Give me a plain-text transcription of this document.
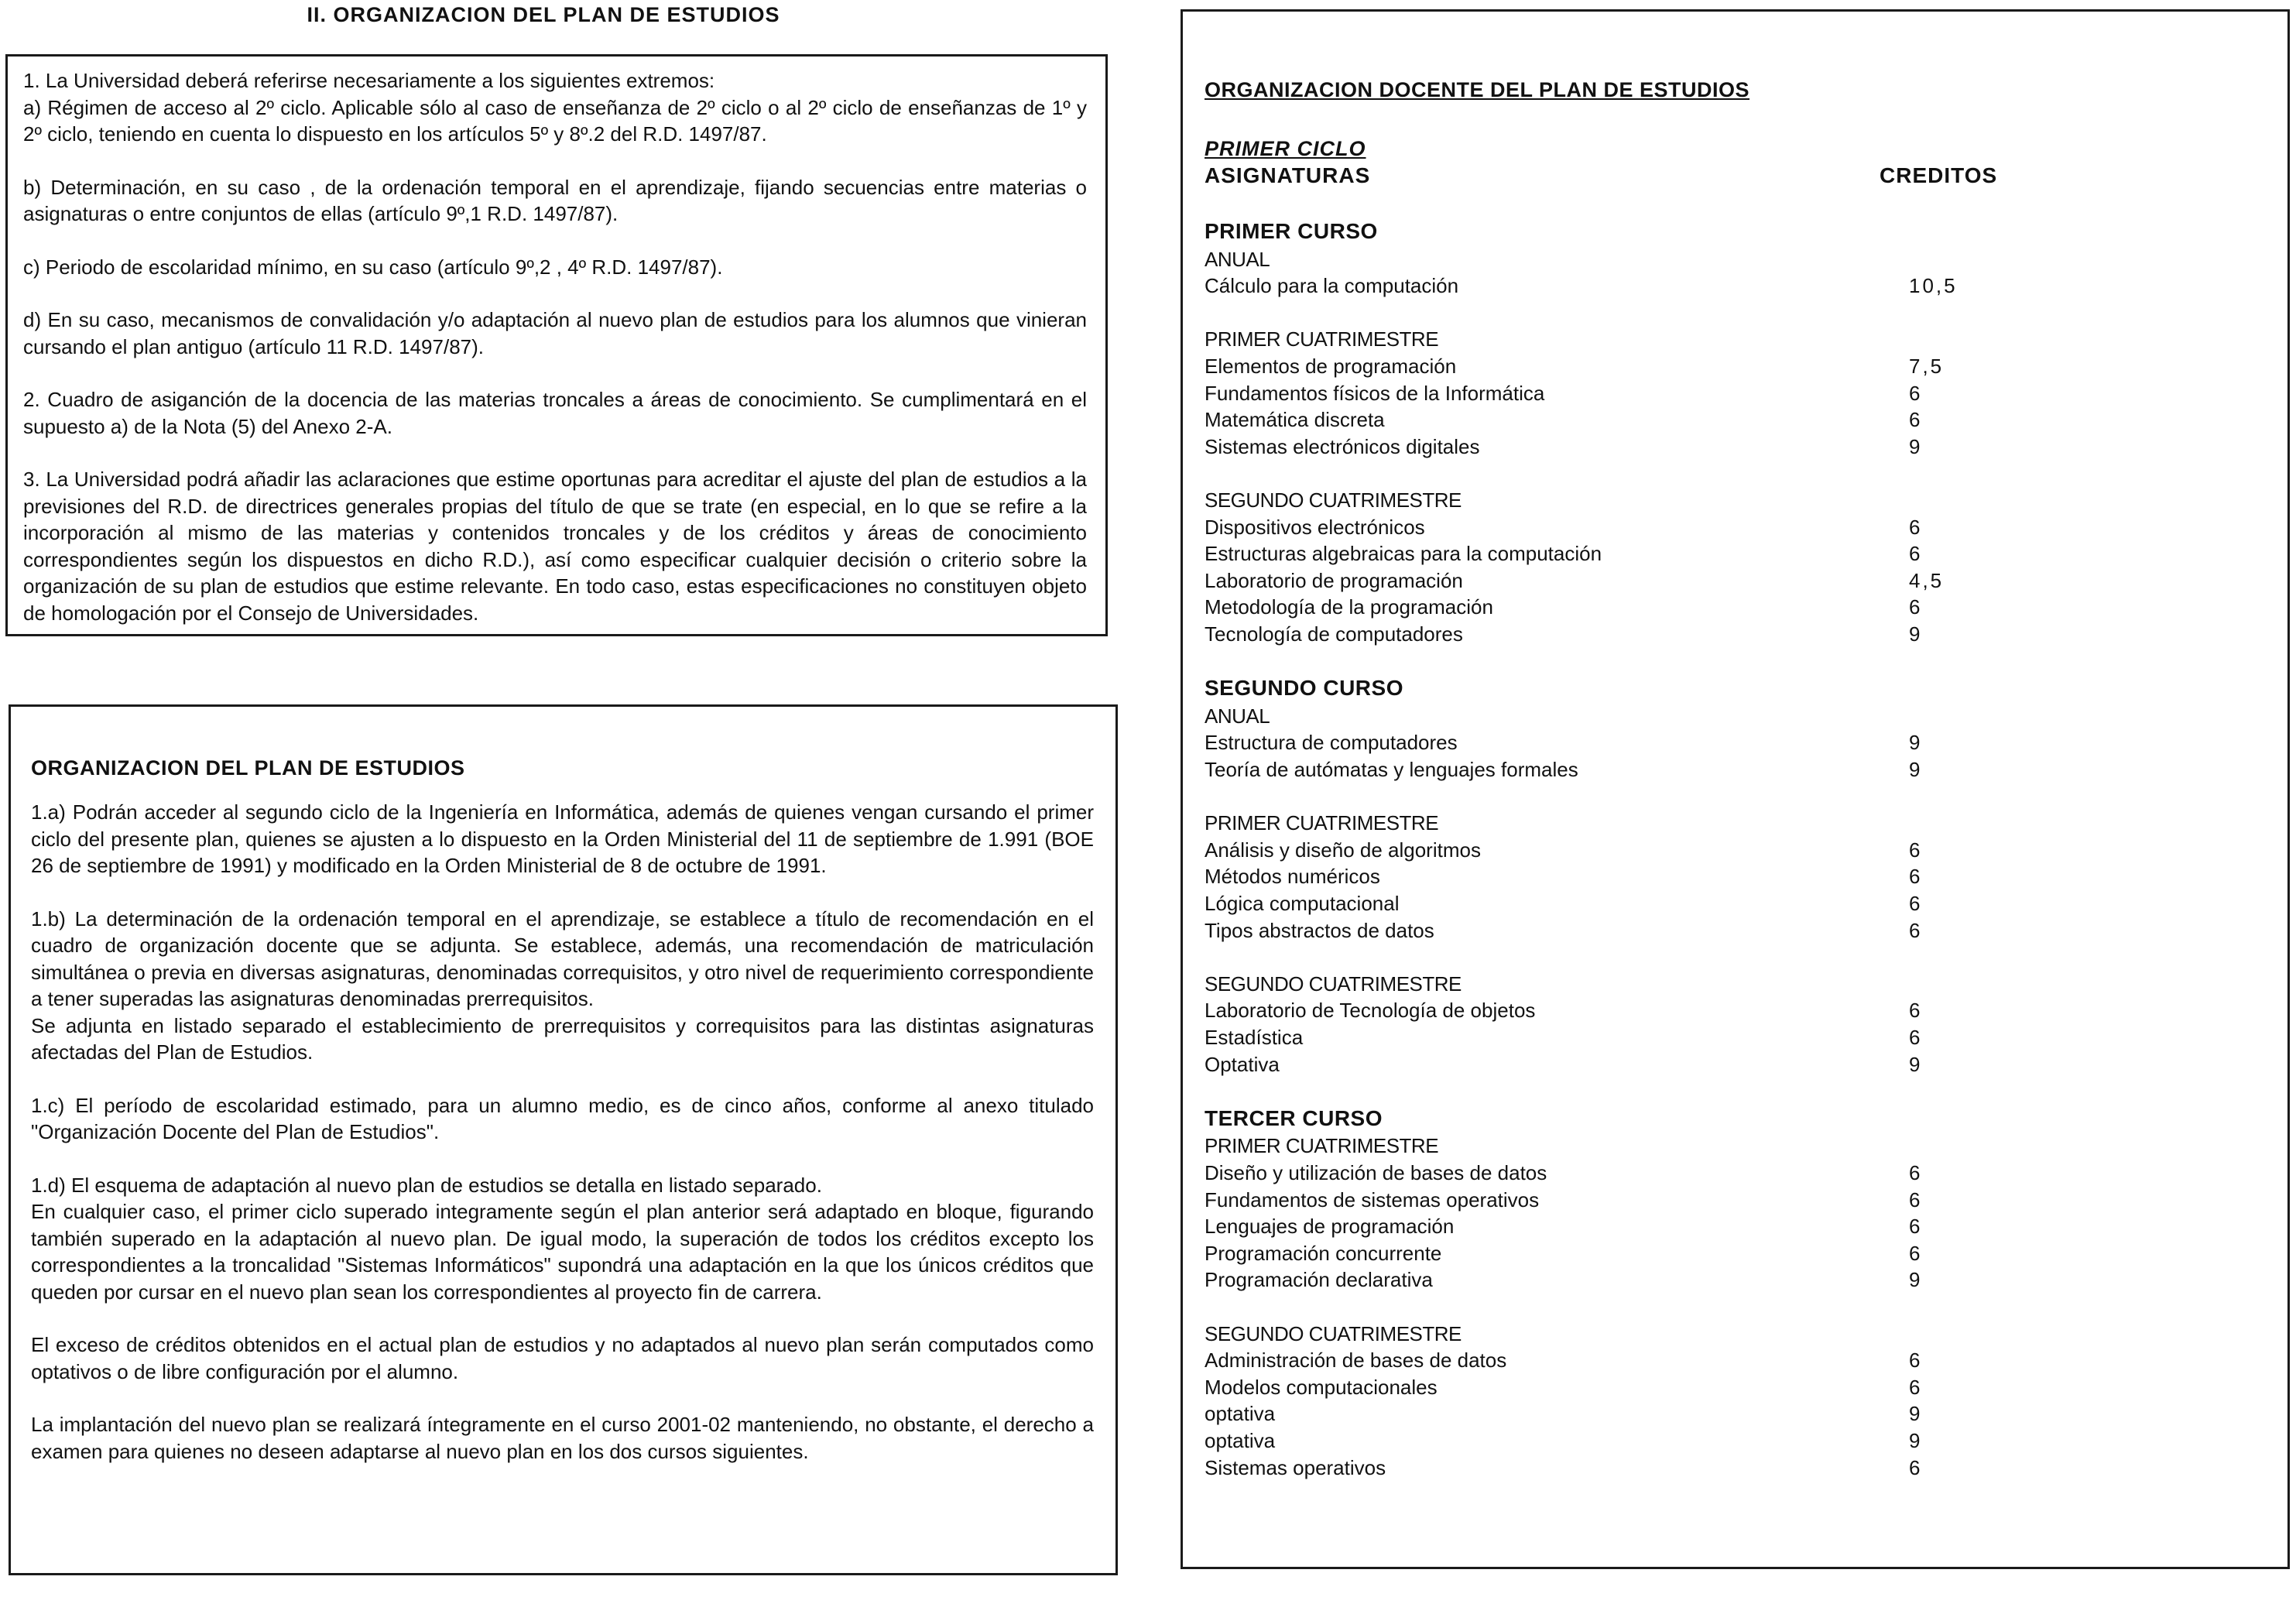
II. ORGANIZACION DEL PLAN DE ESTUDIOS

1. La Universidad deberá referirse necesariamente a los siguientes extremos:
a) Régimen de acceso al 2º ciclo. Aplicable sólo al caso de enseñanza de 2º ciclo o al 2º ciclo de enseñanzas de 1º y 2º ciclo, teniendo en cuenta lo dispuesto en los artículos 5º y 8º.2 del R.D. 1497/87.

b) Determinación, en su caso , de la ordenación temporal en el aprendizaje, fijando secuencias entre materias o asignaturas o entre conjuntos de ellas (artículo 9º,1 R.D. 1497/87).

c) Periodo de escolaridad mínimo, en su caso (artículo 9º,2 , 4º R.D. 1497/87).

d) En su caso, mecanismos de convalidación y/o adaptación al nuevo plan de estudios para los alumnos que vinieran cursando el plan antiguo (artículo 11 R.D. 1497/87).

2. Cuadro de asiganción de la docencia de las materias troncales a áreas de conocimiento. Se cumplimentará en el supuesto a) de la Nota (5) del Anexo 2-A.

3. La Universidad podrá añadir las aclaraciones que estime oportunas para acreditar el ajuste del plan de estudios a la previsiones del R.D. de directrices generales propias del título de que se trate (en especial, en lo que se refire a la incorporación al mismo de las materias y contenidos troncales y de los créditos y áreas de conocimiento correspondientes según los dispuestos en dicho R.D.), así como especificar cualquier decisión o criterio sobre la organización de su plan de estudios que estime relevante. En todo caso, estas especificaciones no constituyen objeto de homologación por el Consejo de Universidades.

ORGANIZACION DEL PLAN DE ESTUDIOS

1.a) Podrán acceder al segundo ciclo de la Ingeniería en Informática, además de quienes vengan cursando el primer ciclo del presente plan, quienes se ajusten a lo dispuesto en la Orden Ministerial del 11 de septiembre de 1.991 (BOE 26 de septiembre de 1991) y modificado en la Orden Ministerial de 8 de octubre de 1991.

1.b) La determinación de la ordenación temporal en el aprendizaje, se establece a título de recomendación en el cuadro de organización docente que se adjunta. Se establece, además, una recomendación de matriculación simultánea o previa en diversas asignaturas, denominadas correquisitos, y otro nivel de requerimiento correspondiente a tener superadas las asignaturas denominadas prerrequisitos.
Se adjunta en listado separado el establecimiento de prerrequisitos y correquisitos para las distintas asignaturas afectadas del Plan de Estudios.

1.c) El período de escolaridad estimado, para un alumno medio, es de cinco años, conforme al anexo titulado "Organización Docente del Plan de Estudios".

1.d) El esquema de adaptación al nuevo plan de estudios se detalla en listado separado.
En cualquier caso, el primer ciclo superado integramente según el plan anterior será adaptado en bloque, figurando también superado en la adaptación al nuevo plan. De igual modo, la superación de todos los créditos excepto los correspondientes a la troncalidad "Sistemas Informáticos" supondrá una adaptación en la que los únicos créditos que queden por cursar en el nuevo plan sean los correspondientes al proyecto fin de carrera.

El exceso de créditos obtenidos en el actual plan de estudios y no adaptados al nuevo plan serán computados como optativos o de libre configuración por el alumno.

La implantación del nuevo plan se realizará íntegramente en el curso 2001-02 manteniendo, no obstante, el derecho a examen para quienes no deseen adaptarse al nuevo plan en los dos cursos siguientes.

ORGANIZACION DOCENTE DEL PLAN DE ESTUDIOS
PRIMER CICLO
ASIGNATURAS	CREDITOS
PRIMER CURSO
ANUAL
Cálculo para la computación	10,5
PRIMER CUATRIMESTRE
Elementos de programación	7,5
Fundamentos físicos de la Informática	6
Matemática discreta	6
Sistemas electrónicos digitales	9
SEGUNDO CUATRIMESTRE
Dispositivos electrónicos	6
Estructuras algebraicas para la computación	6
Laboratorio de programación	4,5
Metodología de la programación	6
Tecnología de computadores	9
SEGUNDO CURSO
ANUAL
Estructura de computadores	9
Teoría de autómatas y lenguajes formales	9
PRIMER CUATRIMESTRE
Análisis y diseño de algoritmos	6
Métodos numéricos	6
Lógica computacional	6
Tipos abstractos de datos	6
SEGUNDO CUATRIMESTRE
Laboratorio de Tecnología de objetos	6
Estadística	6
Optativa	9
TERCER CURSO
PRIMER CUATRIMESTRE
Diseño y utilización de bases de datos	6
Fundamentos de sistemas operativos	6
Lenguajes de programación	6
Programación concurrente	6
Programación declarativa	9
SEGUNDO CUATRIMESTRE
Administración de bases de datos	6
Modelos computacionales	6
optativa	9
optativa	9
Sistemas operativos	6
